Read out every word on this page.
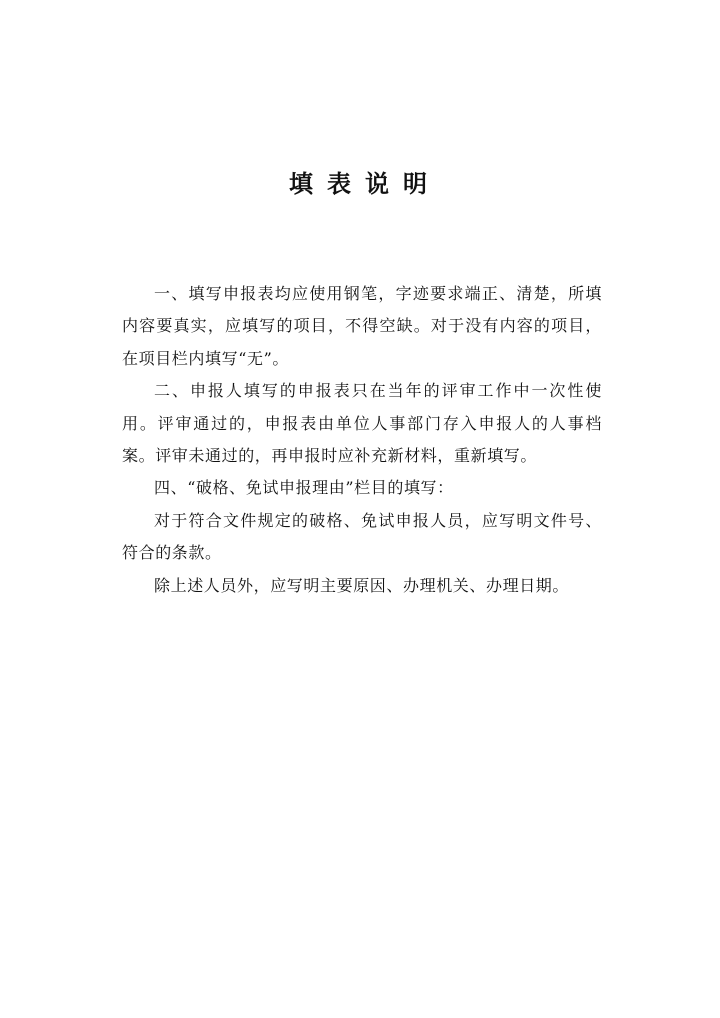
填表说明

一、填写申报表均应使用钢笔，字迹要求端正、清楚，所填内容要真实，应填写的项目，不得空缺。对于没有内容的项目，在项目栏内填写“无”。

二、申报人填写的申报表只在当年的评审工作中一次性使用。评审通过的，申报表由单位人事部门存入申报人的人事档案。评审未通过的，再申报时应补充新材料，重新填写。

四、“破格、免试申报理由”栏目的填写：

对于符合文件规定的破格、免试申报人员，应写明文件号、符合的条款。

除上述人员外，应写明主要原因、办理机关、办理日期。
